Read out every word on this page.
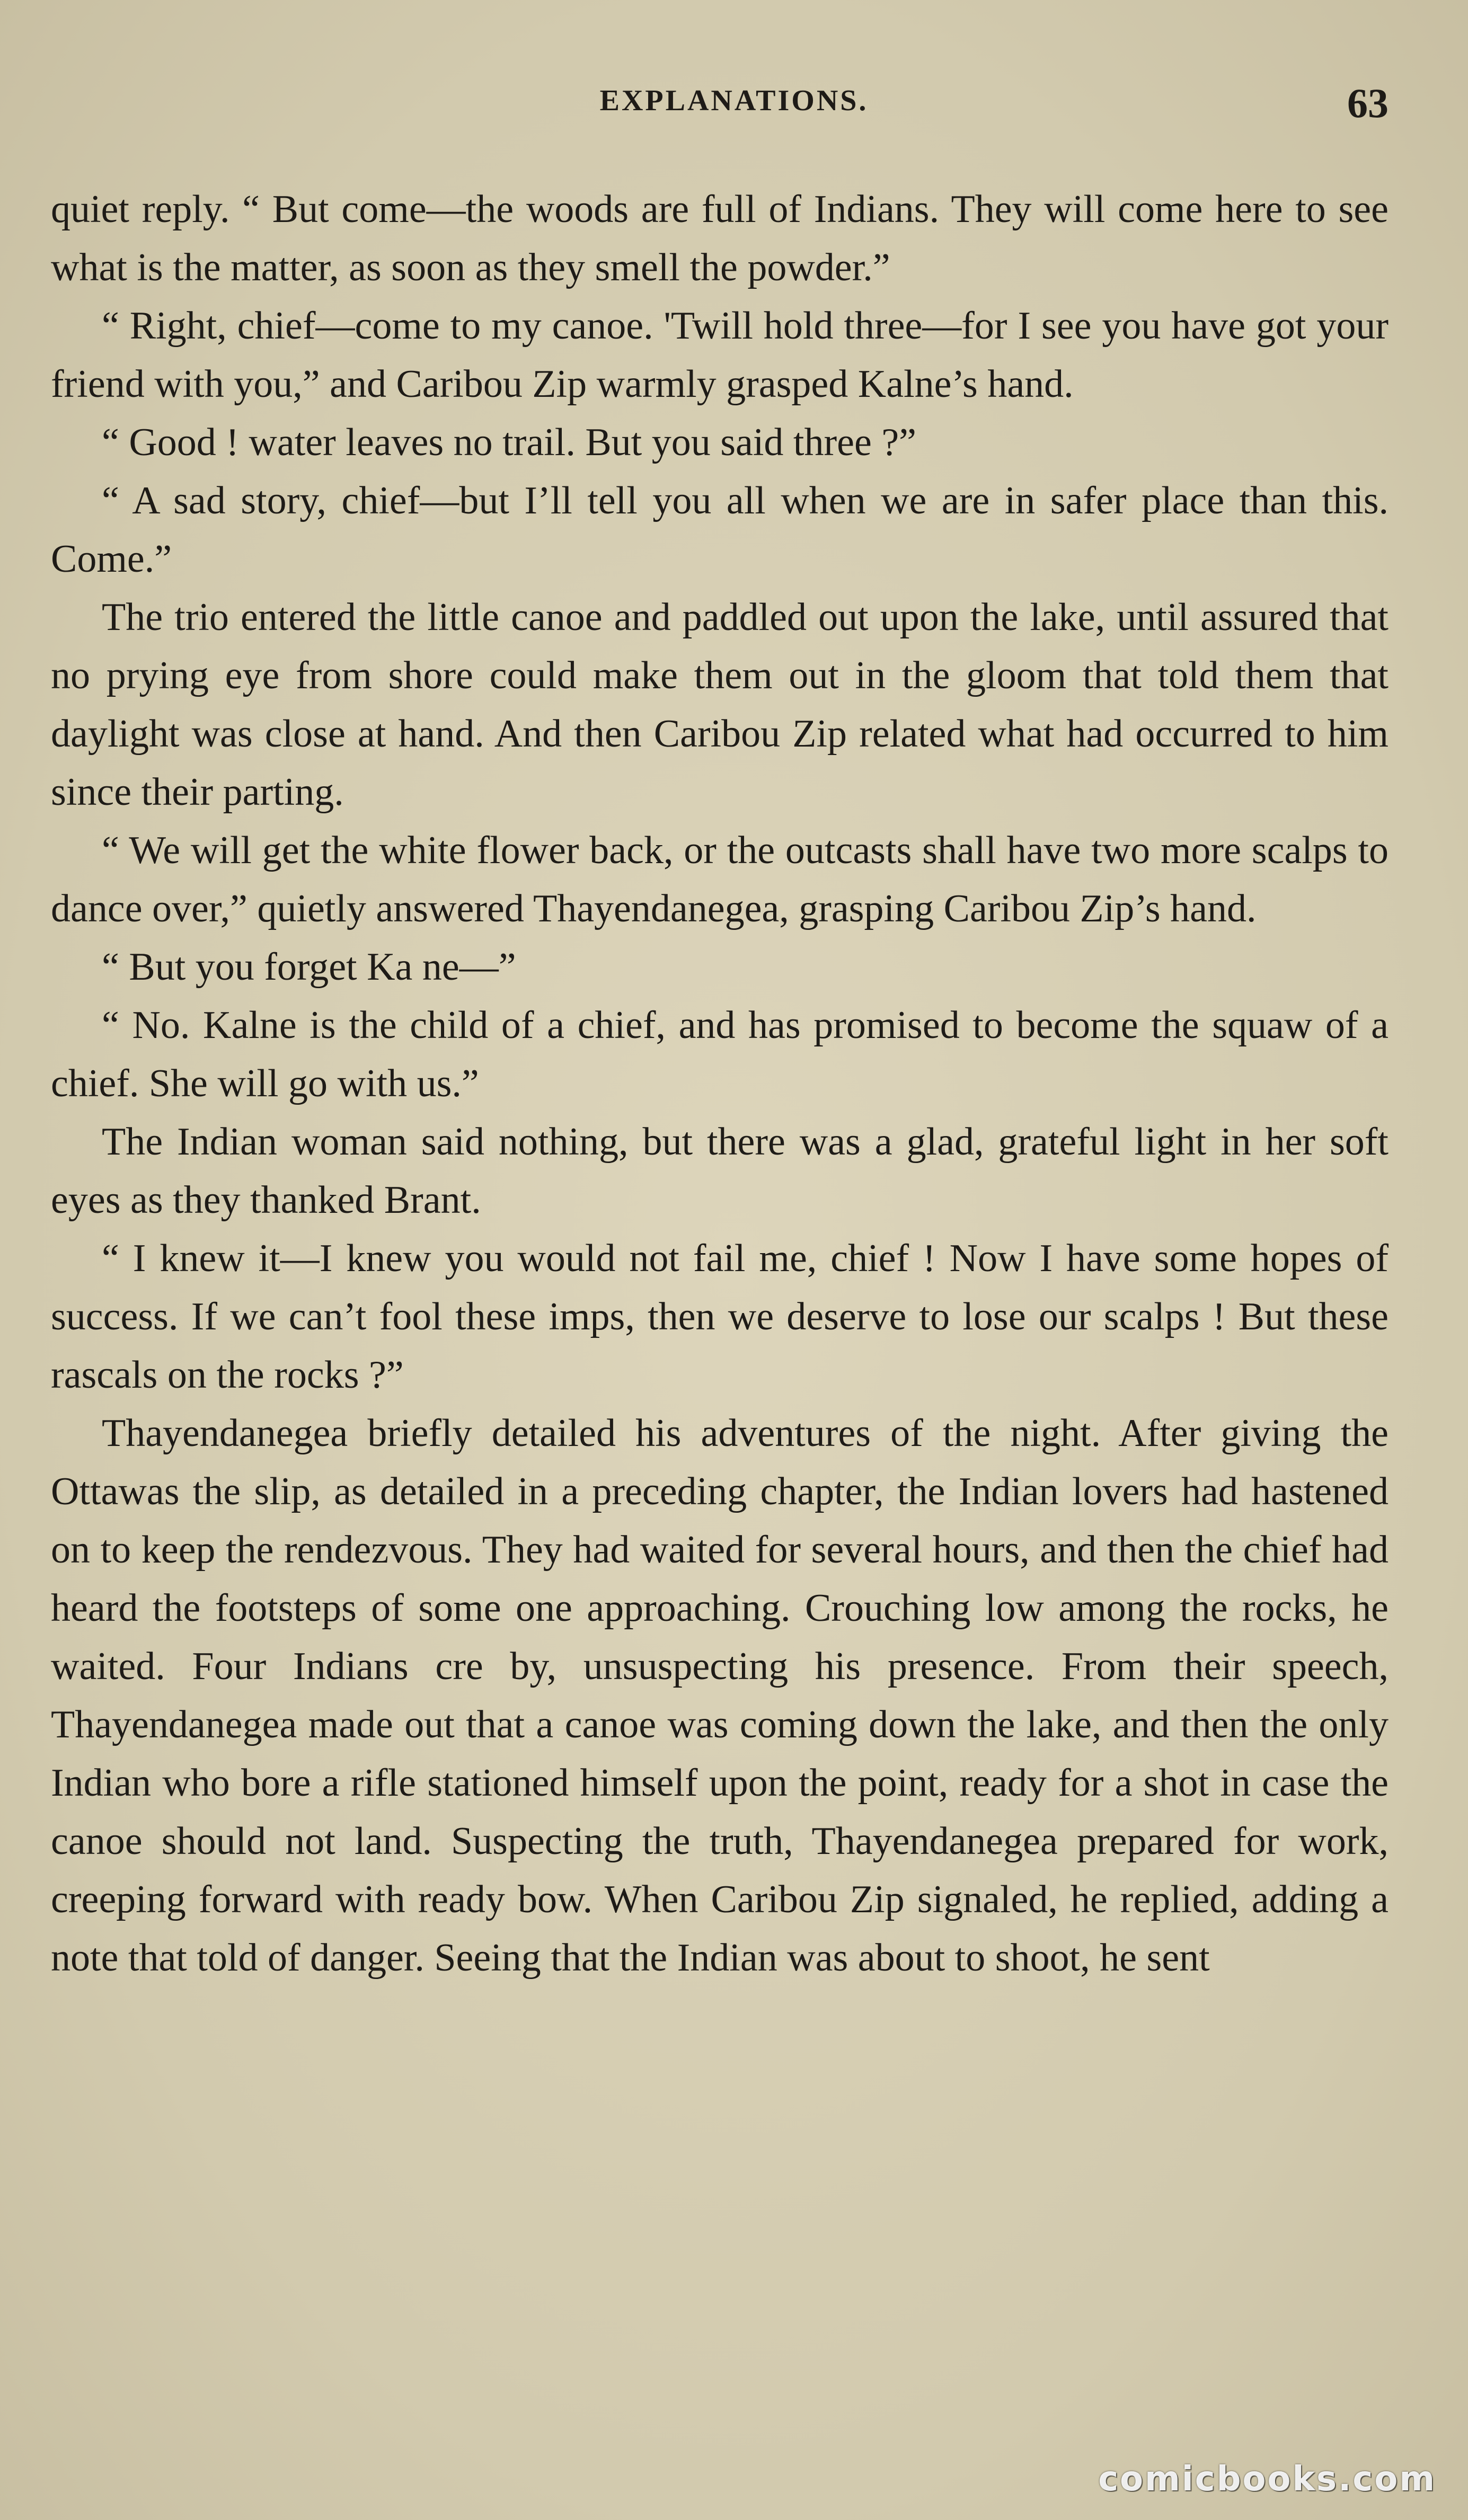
EXPLANATIONS.	63

quiet reply. “ But come—the woods are full of Indians. They will come here to see what is the matter, as soon as they smell the powder.”

“ Right, chief—come to my canoe. 'Twill hold three—for I see you have got your friend with you,” and Caribou Zip warmly grasped Kalne’s hand.

“ Good ! water leaves no trail. But you said three ?”

“ A sad story, chief—but I’ll tell you all when we are in safer place than this. Come.”

The trio entered the little canoe and paddled out upon the lake, until assured that no prying eye from shore could make them out in the gloom that told them that daylight was close at hand. And then Caribou Zip related what had occurred to him since their parting.

“ We will get the white flower back, or the outcasts shall have two more scalps to dance over,” quietly answered Thayendanegea, grasping Caribou Zip’s hand.

“ But you forget Ka ne—”

“ No. Kalne is the child of a chief, and has promised to become the squaw of a chief. She will go with us.”

The Indian woman said nothing, but there was a glad, grateful light in her soft eyes as they thanked Brant.

“ I knew it—I knew you would not fail me, chief ! Now I have some hopes of success. If we can’t fool these imps, then we deserve to lose our scalps ! But these rascals on the rocks ?”

Thayendanegea briefly detailed his adventures of the night. After giving the Ottawas the slip, as detailed in a preceding chapter, the Indian lovers had hastened on to keep the rendezvous. They had waited for several hours, and then the chief had heard the footsteps of some one approaching. Crouching low among the rocks, he waited. Four Indians cre by, unsuspecting his presence. From their speech, Thayendanegea made out that a canoe was coming down the lake, and then the only Indian who bore a rifle stationed himself upon the point, ready for a shot in case the canoe should not land. Suspecting the truth, Thayendanegea prepared for work, creeping forward with ready bow. When Caribou Zip signaled, he replied, adding a note that told of danger. Seeing that the Indian was about to shoot, he sent

comicbooks.com
